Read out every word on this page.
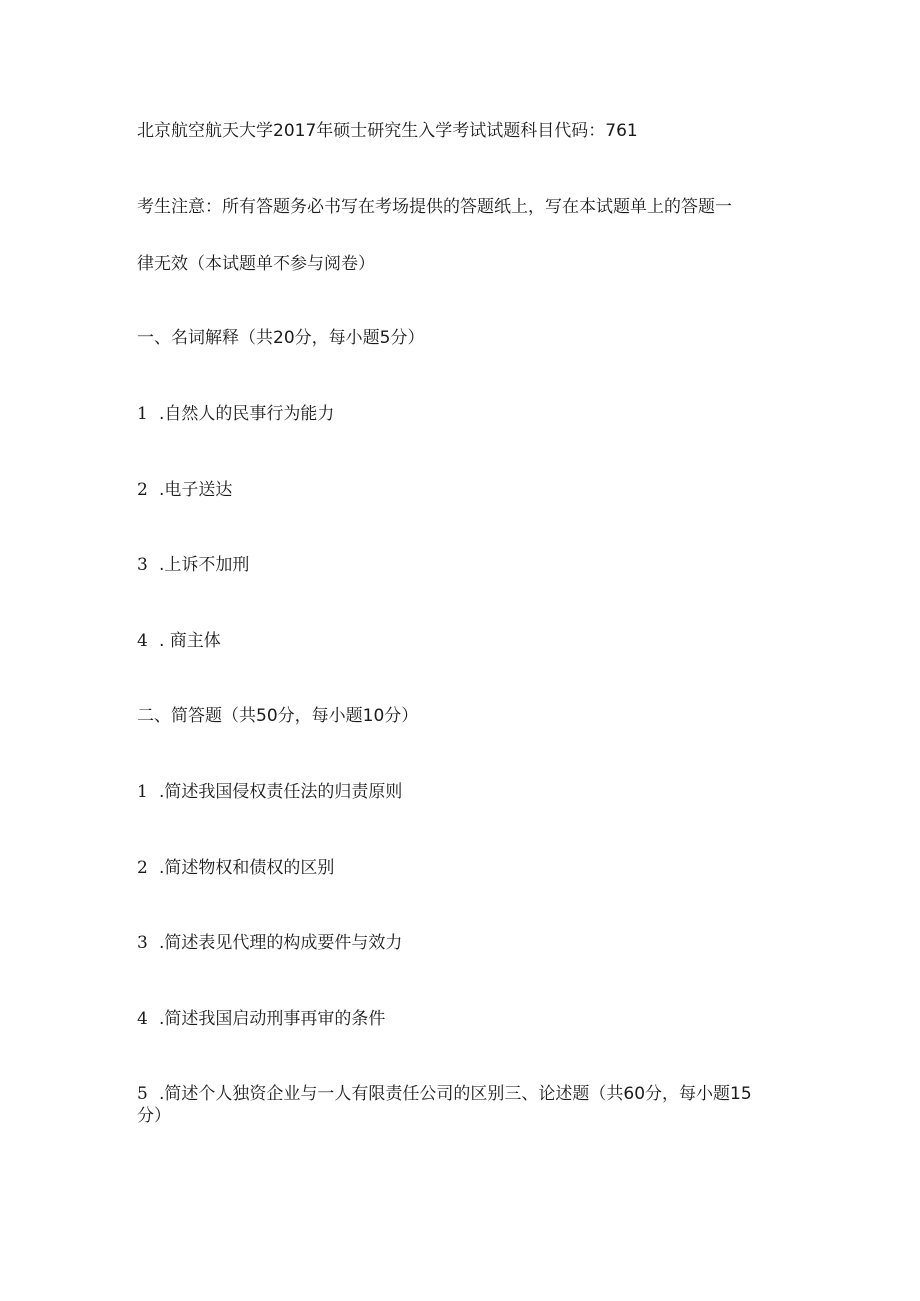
北京航空航天大学2017年硕士研究生入学考试试题科目代码：761
考生注意：所有答题务必书写在考场提供的答题纸上，写在本试题单上的答题一
律无效（本试题单不参与阅卷）
一、名词解释（共20分，每小题5分）
1 .自然人的民事行为能力
2 .电子送达
3 .上诉不加刑
4 . 商主体
二、简答题（共50分，每小题10分）
1 .简述我国侵权责任法的归责原则
2 .简述物权和债权的区别
3 .简述表见代理的构成要件与效力
4 .简述我国启动刑事再审的条件
5 .简述个人独资企业与一人有限责任公司的区别三、论述题（共60分，每小题15分）
